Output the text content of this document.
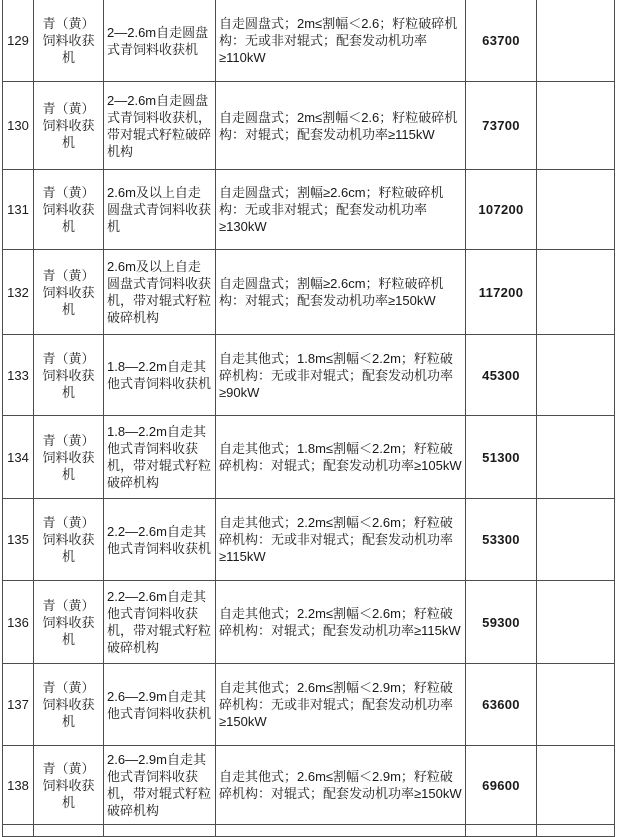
129	青（黄）饲料收获机	2—2.6m自走圆盘式青饲料收获机	自走圆盘式；2m≤割幅＜2.6；籽粒破碎机构：无或非对辊式；配套发动机功率≥110kW	63700	
130	青（黄）饲料收获机	2—2.6m自走圆盘式青饲料收获机，带对辊式籽粒破碎机构	自走圆盘式；2m≤割幅＜2.6；籽粒破碎机构：对辊式；配套发动机功率≥115kW	73700	
131	青（黄）饲料收获机	2.6m及以上自走圆盘式青饲料收获机	自走圆盘式；割幅≥2.6cm；籽粒破碎机构：无或非对辊式；配套发动机功率≥130kW	107200	
132	青（黄）饲料收获机	2.6m及以上自走圆盘式青饲料收获机，带对辊式籽粒破碎机构	自走圆盘式；割幅≥2.6cm；籽粒破碎机构：对辊式；配套发动机功率≥150kW	117200	
133	青（黄）饲料收获机	1.8—2.2m自走其他式青饲料收获机	自走其他式；1.8m≤割幅＜2.2m；籽粒破碎机构：无或非对辊式；配套发动机功率≥90kW	45300	
134	青（黄）饲料收获机	1.8—2.2m自走其他式青饲料收获机，带对辊式籽粒破碎机构	自走其他式；1.8m≤割幅＜2.2m；籽粒破碎机构：对辊式；配套发动机功率≥105kW	51300	
135	青（黄）饲料收获机	2.2—2.6m自走其他式青饲料收获机	自走其他式；2.2m≤割幅＜2.6m；籽粒破碎机构：无或非对辊式；配套发动机功率≥115kW	53300	
136	青（黄）饲料收获机	2.2—2.6m自走其他式青饲料收获机，带对辊式籽粒破碎机构	自走其他式；2.2m≤割幅＜2.6m；籽粒破碎机构：对辊式；配套发动机功率≥115kW	59300	
137	青（黄）饲料收获机	2.6—2.9m自走其他式青饲料收获机	自走其他式；2.6m≤割幅＜2.9m；籽粒破碎机构：无或非对辊式；配套发动机功率≥150kW	63600	
138	青（黄）饲料收获机	2.6—2.9m自走其他式青饲料收获机，带对辊式籽粒破碎机构	自走其他式；2.6m≤割幅＜2.9m；籽粒破碎机构：对辊式；配套发动机功率≥150kW	69600	
